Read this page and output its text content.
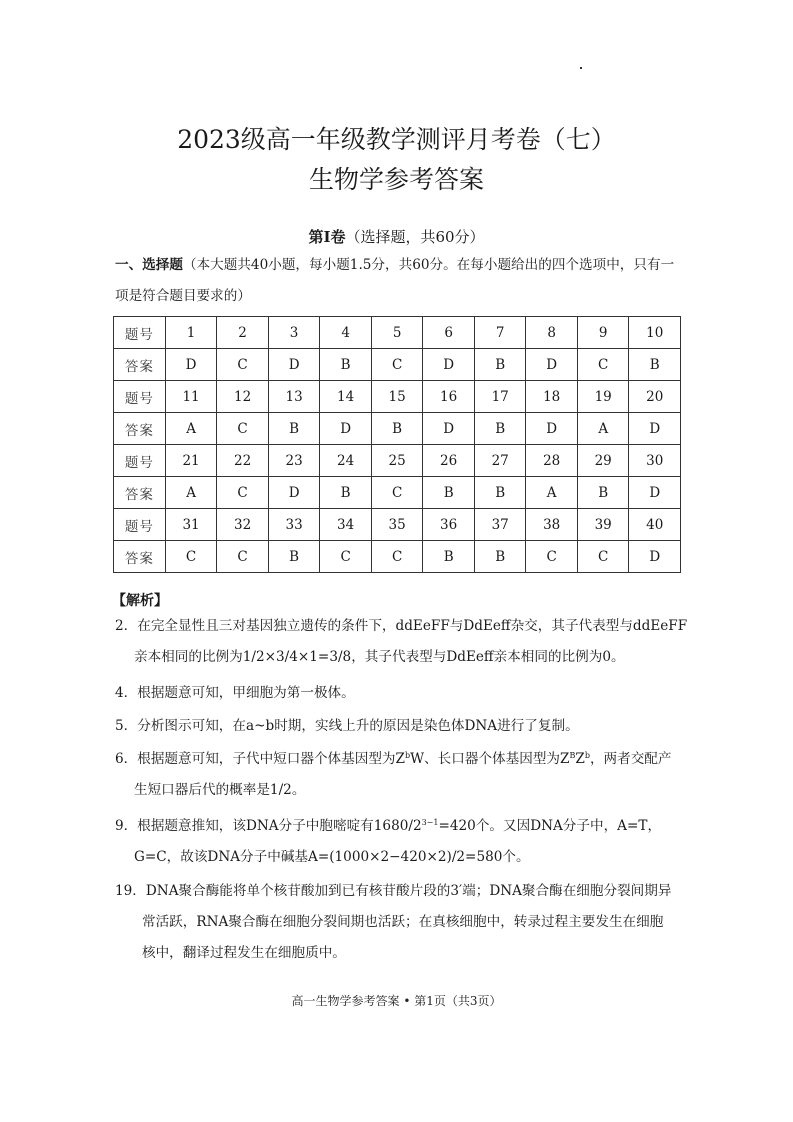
2023级高一年级教学测评月考卷（七）
生物学参考答案
第Ⅰ卷（选择题，共60分）
一、选择题（本大题共40小题，每小题1.5分，共60分。在每小题给出的四个选项中，只有一项是符合题目要求的）
题号	1	2	3	4	5	6	7	8	9	10
答案	D	C	D	B	C	D	B	D	C	B
题号	11	12	13	14	15	16	17	18	19	20
答案	A	C	B	D	B	D	B	D	A	D
题号	21	22	23	24	25	26	27	28	29	30
答案	A	C	D	B	C	B	B	A	B	D
题号	31	32	33	34	35	36	37	38	39	40
答案	C	C	B	C	C	B	B	C	C	D
【解析】
2．在完全显性且三对基因独立遗传的条件下，ddEeFF与DdEeff杂交，其子代表型与ddEeFF
亲本相同的比例为1/2×3/4×1=3/8，其子代表型与DdEeff亲本相同的比例为0。
4．根据题意可知，甲细胞为第一极体。
5．分析图示可知，在a~b时期，实线上升的原因是染色体DNA进行了复制。
6．根据题意可知，子代中短口器个体基因型为$Z^bW$、长口器个体基因型为$Z^BZ^b$，两者交配产
生短口器后代的概率是1/2。
9．根据题意推知，该DNA分子中胞嘧啶有$1680/2^{3-1}=420$个。又因DNA分子中，A=T，
G=C，故该DNA分子中碱基A=(1000×2−420×2)/2=580个。
19．DNA聚合酶能将单个核苷酸加到已有核苷酸片段的3′端；DNA聚合酶在细胞分裂间期异
常活跃，RNA聚合酶在细胞分裂间期也活跃；在真核细胞中，转录过程主要发生在细胞
核中，翻译过程发生在细胞质中。
高一生物学参考答案 • 第1页（共3页）
